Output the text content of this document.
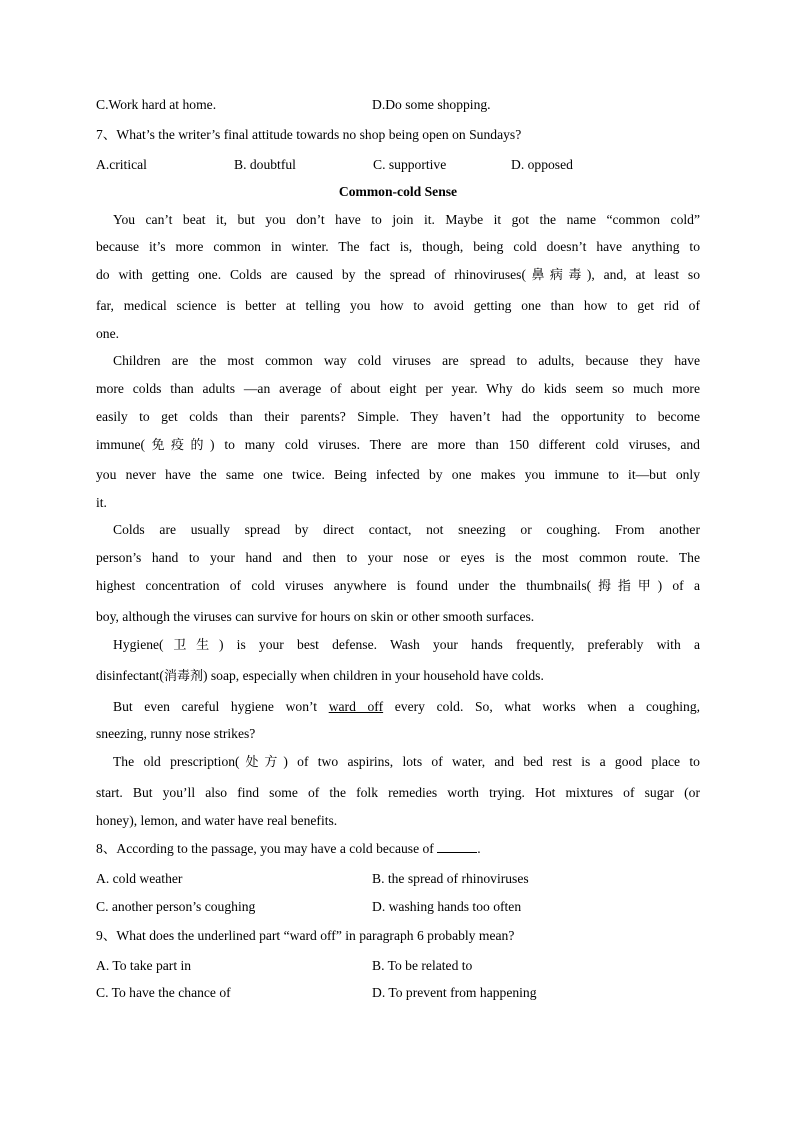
C.Work hard at home.	D.Do some shopping.
7、What’s the writer’s final attitude towards no shop being open on Sundays?
A.critical	B. doubtful	C. supportive	D. opposed
Common-cold Sense
You can’t beat it, but you don’t have to join it. Maybe it got the name “common cold”
because it’s more common in winter. The fact is, though, being cold doesn’t have anything to
do with getting one. Colds are caused by the spread of rhinoviruses(鼻病毒), and, at least so
far, medical science is better at telling you how to avoid getting one than how to get rid of
one.
Children are the most common way cold viruses are spread to adults, because they have
more colds than adults —an average of about eight per year. Why do kids seem so much more
easily to get colds than their parents? Simple. They haven’t had the opportunity to become
immune(免疫的) to many cold viruses. There are more than 150 different cold viruses, and
you never have the same one twice. Being infected by one makes you immune to it—but only
it.
Colds are usually spread by direct contact, not sneezing or coughing. From another
person’s hand to your hand and then to your nose or eyes is the most common route. The
highest concentration of cold viruses anywhere is found under the thumbnails(拇指甲) of a
boy, although the viruses can survive for hours on skin or other smooth surfaces.
Hygiene(卫生) is your best defense. Wash your hands frequently, preferably with a
disinfectant(消毒剂) soap, especially when children in your household have colds.
But even careful hygiene won’t ward off every cold. So, what works when a coughing,
sneezing, runny nose strikes?
The old prescription(处方) of two aspirins, lots of water, and bed rest is a good place to
start. But you’ll also find some of the folk remedies worth trying. Hot mixtures of sugar (or
honey), lemon, and water have real benefits.
8、According to the passage, you may have a cold because of	.
A. cold weather	B. the spread of rhinoviruses
C. another person’s coughing	D. washing hands too often
9、What does the underlined part “ward off” in paragraph 6 probably mean?
A. To take part in	B. To be related to
C. To have the chance of	D. To prevent from happening
